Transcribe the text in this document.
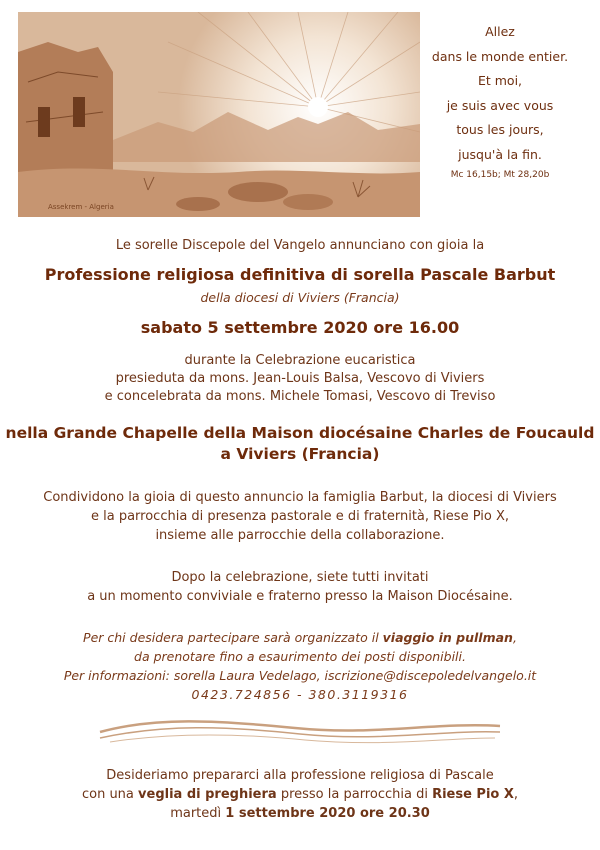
Assekrem - Algeria
Allez
dans le monde entier.
Et moi,
je suis avec vous
tous les jours,
jusqu'à la fin.
Mc 16,15b; Mt 28,20b
Le sorelle Discepole del Vangelo annunciano con gioia la
Professione religiosa definitiva di sorella Pascale Barbut
della diocesi di Viviers (Francia)
sabato 5 settembre 2020 ore 16.00
durante la Celebrazione eucaristica
presieduta da mons. Jean-Louis Balsa, Vescovo di Viviers
e concelebrata da mons. Michele Tomasi, Vescovo di Treviso
nella Grande Chapelle della Maison diocésaine Charles de Foucauld
a Viviers (Francia)
Condividono la gioia di questo annuncio la famiglia Barbut, la diocesi di Viviers
e la parrocchia di presenza pastorale e di fraternità, Riese Pio X,
insieme alle parrocchie della collaborazione.
Dopo la celebrazione, siete tutti invitati
a un momento conviviale e fraterno presso la Maison Diocésaine.
Per chi desidera partecipare sarà organizzato il viaggio in pullman,
da prenotare fino a esaurimento dei posti disponibili.
Per informazioni: sorella Laura Vedelago, iscrizione@discepoledelvangelo.it
0423.724856 - 380.3119316
Desideriamo prepararci alla professione religiosa di Pascale
con una veglia di preghiera presso la parrocchia di Riese Pio X,
martedì 1 settembre 2020 ore 20.30
